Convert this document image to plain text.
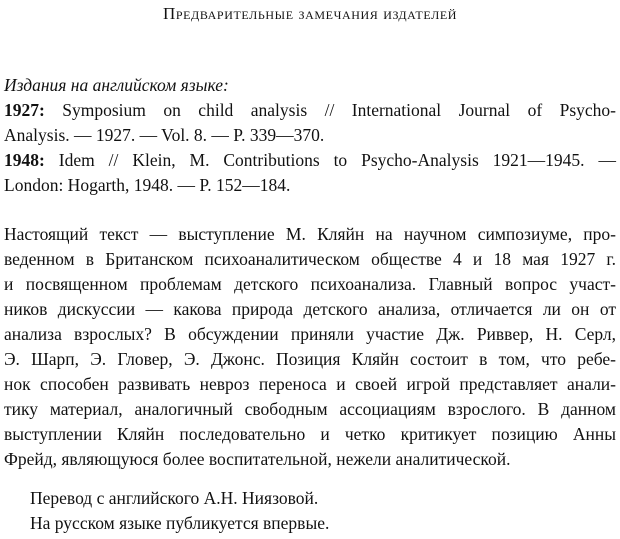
Предварительные замечания издателей
Издания на английском языке:
1927: Symposium on child analysis // International Journal of Psycho-
Analysis. — 1927. — Vol. 8. — P. 339—370.
1948: Idem // Klein, M. Contributions to Psycho-Analysis 1921—1945. —
London: Hogarth, 1948. — P. 152—184.
Настоящий текст — выступление М. Кляйн на научном симпозиуме, про-
веденном в Британском психоаналитическом обществе 4 и 18 мая 1927 г.
и посвященном проблемам детского психоанализа. Главный вопрос участ-
ников дискуссии — какова природа детского анализа, отличается ли он от
анализа взрослых? В обсуждении приняли участие Дж. Риввер, Н. Серл,
Э. Шарп, Э. Гловер, Э. Джонс. Позиция Кляйн состоит в том, что ребе-
нок способен развивать невроз переноса и своей игрой представляет анали-
тику материал, аналогичный свободным ассоциациям взрослого. В данном
выступлении Кляйн последовательно и четко критикует позицию Анны
Фрейд, являющуюся более воспитательной, нежели аналитической.
Перевод с английского А.Н. Ниязовой.
На русском языке публикуется впервые.
